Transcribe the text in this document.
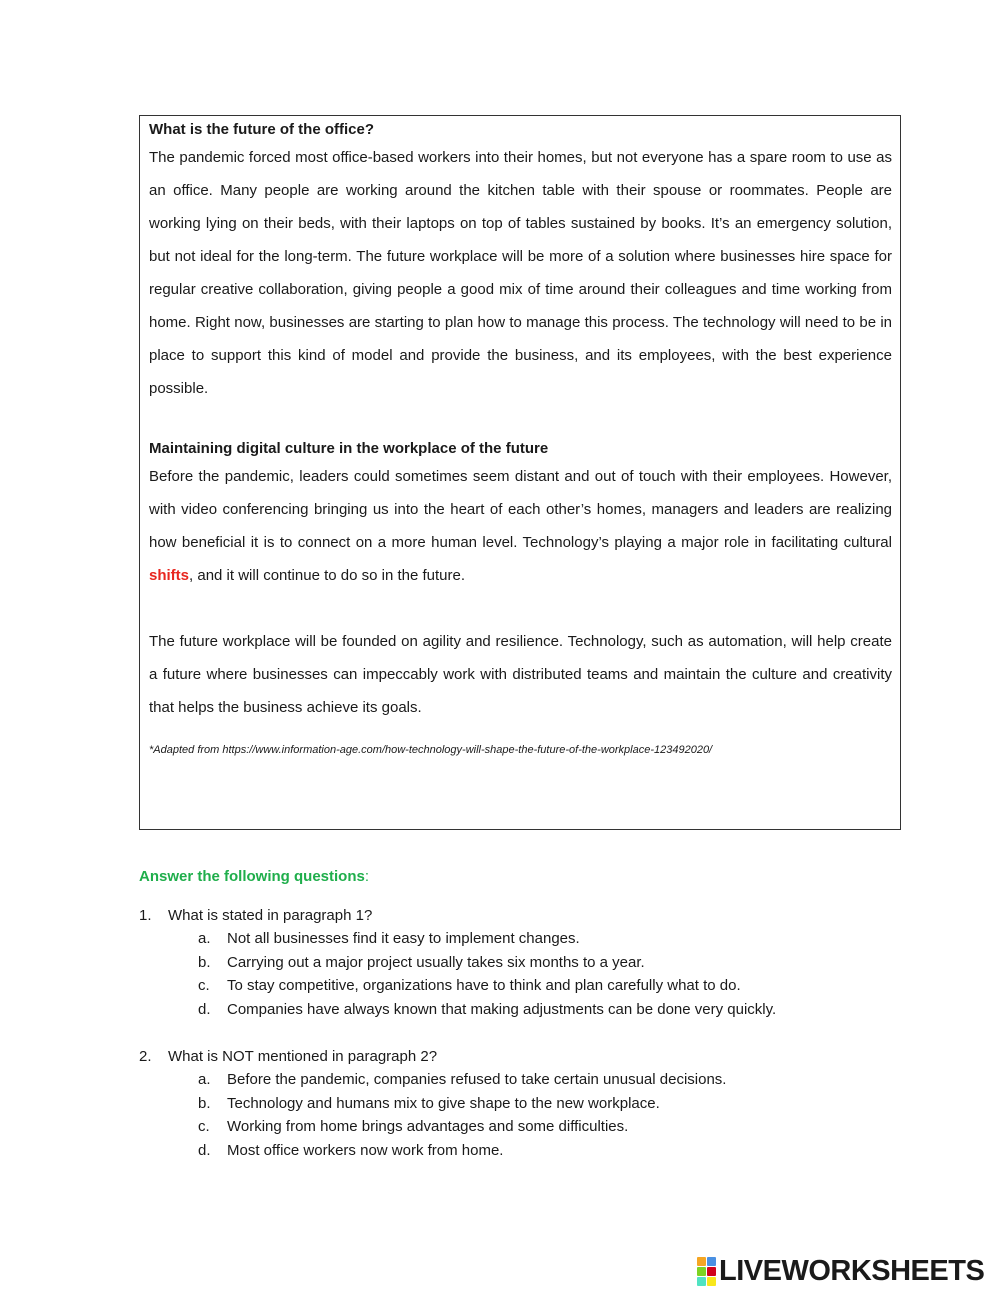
What is the future of the office?

The pandemic forced most office-based workers into their homes, but not everyone has a spare room to use as an office. Many people are working around the kitchen table with their spouse or roommates. People are working lying on their beds, with their laptops on top of tables sustained by books. It’s an emergency solution, but not ideal for the long-term. The future workplace will be more of a solution where businesses hire space for regular creative collaboration, giving people a good mix of time around their colleagues and time working from home. Right now, businesses are starting to plan how to manage this process. The technology will need to be in place to support this kind of model and provide the business, and its employees, with the best experience possible.

Maintaining digital culture in the workplace of the future

Before the pandemic, leaders could sometimes seem distant and out of touch with their employees. However, with video conferencing bringing us into the heart of each other’s homes, managers and leaders are realizing how beneficial it is to connect on a more human level. Technology’s playing a major role in facilitating cultural shifts, and it will continue to do so in the future.

The future workplace will be founded on agility and resilience. Technology, such as automation, will help create a future where businesses can impeccably work with distributed teams and maintain the culture and creativity that helps the business achieve its goals.

*Adapted from https://www.information-age.com/how-technology-will-shape-the-future-of-the-workplace-123492020/
Answer the following questions:
1.	What is stated in paragraph 1?
a.	Not all businesses find it easy to implement changes.
b.	Carrying out a major project usually takes six months to a year.
c.	To stay competitive, organizations have to think and plan carefully what to do.
d.	Companies have always known that making adjustments can be done very quickly.
2.	What is NOT mentioned in paragraph 2?
a.	Before the pandemic, companies refused to take certain unusual decisions.
b.	Technology and humans mix to give shape to the new workplace.
c.	Working from home brings advantages and some difficulties.
d.	Most office workers now work from home.
LIVEWORKSHEETS
